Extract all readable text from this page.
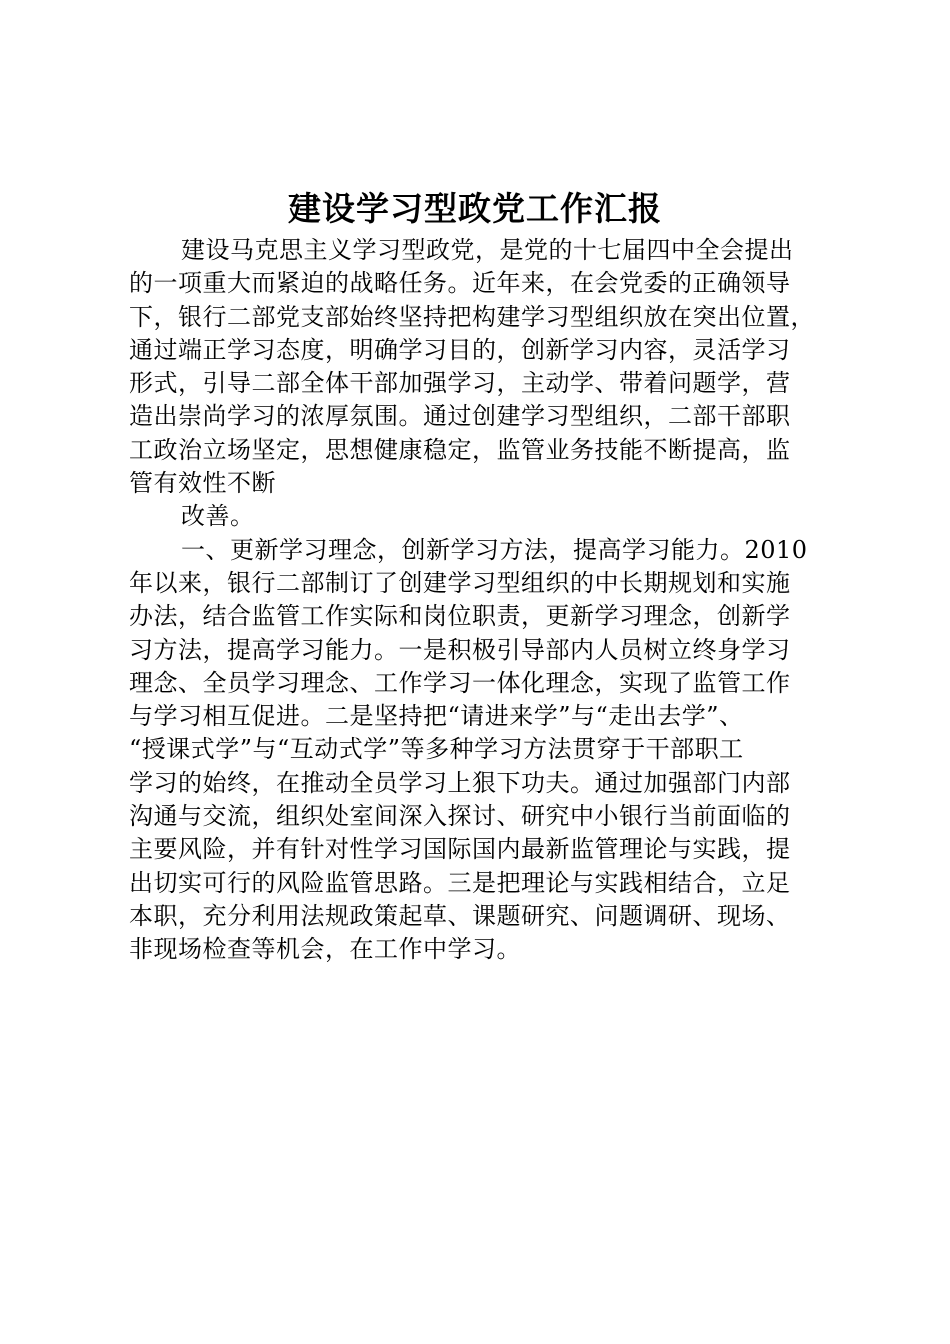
建设学习型政党工作汇报
建设马克思主义学习型政党，是党的十七届四中全会提出
的一项重大而紧迫的战略任务。近年来，在会党委的正确领导
下，银行二部党支部始终坚持把构建学习型组织放在突出位置，
通过端正学习态度，明确学习目的，创新学习内容，灵活学习
形式，引导二部全体干部加强学习，主动学、带着问题学，营
造出崇尚学习的浓厚氛围。通过创建学习型组织，二部干部职
工政治立场坚定，思想健康稳定，监管业务技能不断提高，监
管有效性不断
改善。
一、更新学习理念，创新学习方法，提高学习能力。2010
年以来，银行二部制订了创建学习型组织的中长期规划和实施
办法，结合监管工作实际和岗位职责，更新学习理念，创新学
习方法，提高学习能力。一是积极引导部内人员树立终身学习
理念、全员学习理念、工作学习一体化理念，实现了监管工作
与学习相互促进。二是坚持把“请进来学”与“走出去学”、
“授课式学”与“互动式学”等多种学习方法贯穿于干部职工
学习的始终，在推动全员学习上狠下功夫。通过加强部门内部
沟通与交流，组织处室间深入探讨、研究中小银行当前面临的
主要风险，并有针对性学习国际国内最新监管理论与实践，提
出切实可行的风险监管思路。三是把理论与实践相结合，立足
本职，充分利用法规政策起草、课题研究、问题调研、现场、
非现场检查等机会，在工作中学习。
